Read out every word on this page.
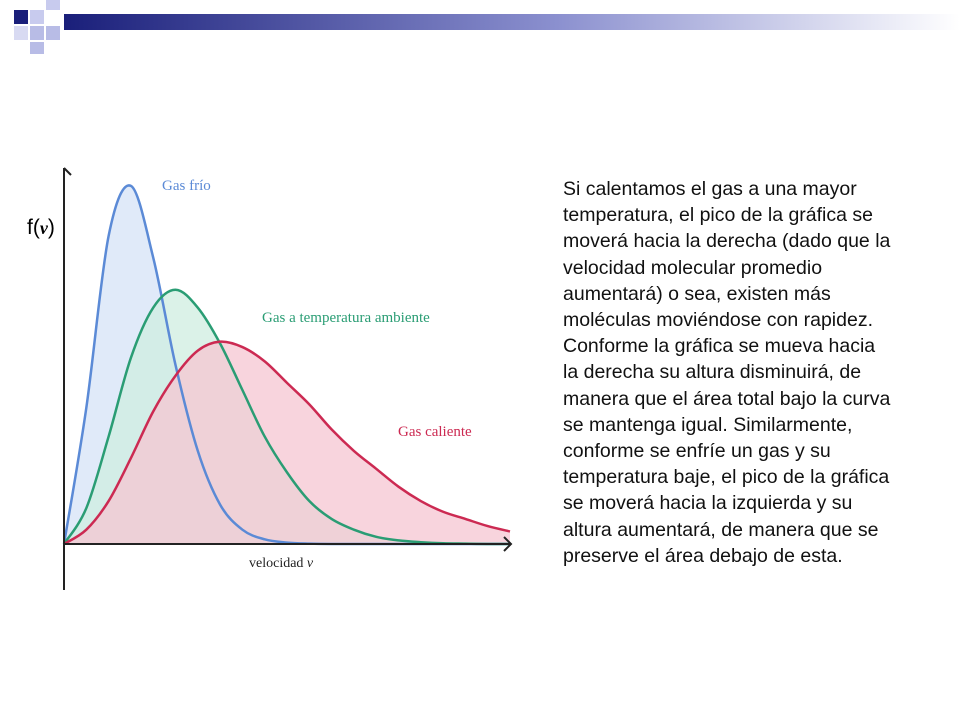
Gas frío
Gas a temperatura ambiente
Gas caliente
velocidad v
f(v)

Si calentamos el gas a una mayor
temperatura, el pico de la gráfica se
moverá hacia la derecha (dado que la
velocidad molecular promedio
aumentará) o sea, existen más
moléculas moviéndose con rapidez.
Conforme la gráfica se mueva hacia
la derecha su altura disminuirá, de
manera que el área total bajo la curva
se mantenga igual. Similarmente,
conforme se enfríe un gas y su
temperatura baje, el pico de la gráfica
se moverá hacia la izquierda y su
altura aumentará, de manera que se
preserve el área debajo de esta.
